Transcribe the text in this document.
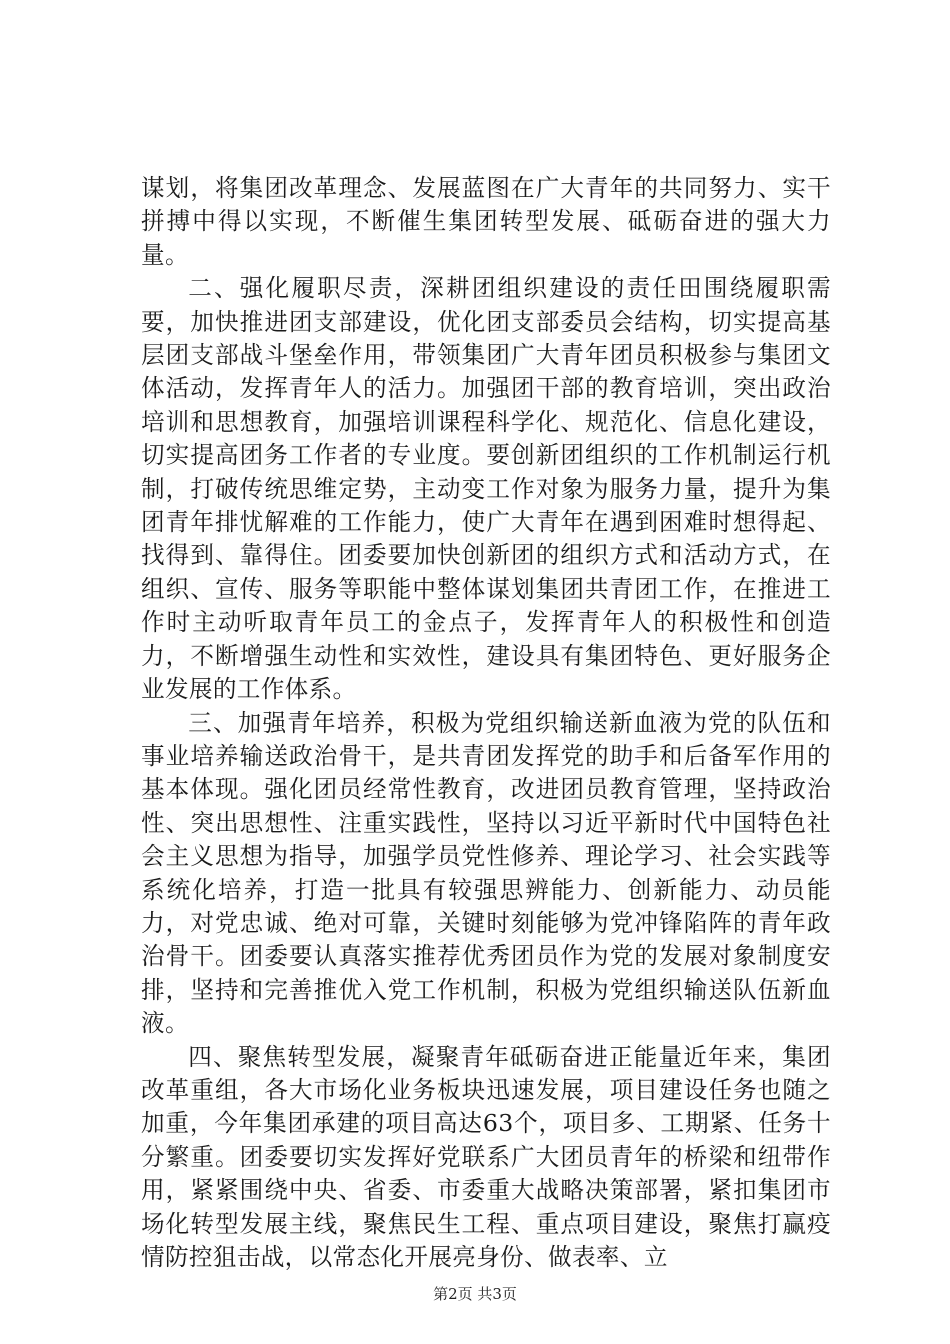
谋划，将集团改革理念、发展蓝图在广大青年的共同努力、实干拼搏中得以实现，不断催生集团转型发展、砥砺奋进的强大力量。

二、强化履职尽责，深耕团组织建设的责任田围绕履职需要，加快推进团支部建设，优化团支部委员会结构，切实提高基层团支部战斗堡垒作用，带领集团广大青年团员积极参与集团文体活动，发挥青年人的活力。加强团干部的教育培训，突出政治培训和思想教育，加强培训课程科学化、规范化、信息化建设，切实提高团务工作者的专业度。要创新团组织的工作机制运行机制，打破传统思维定势，主动变工作对象为服务力量，提升为集团青年排忧解难的工作能力，使广大青年在遇到困难时想得起、找得到、靠得住。团委要加快创新团的组织方式和活动方式，在组织、宣传、服务等职能中整体谋划集团共青团工作，在推进工作时主动听取青年员工的金点子，发挥青年人的积极性和创造力，不断增强生动性和实效性，建设具有集团特色、更好服务企业发展的工作体系。

三、加强青年培养，积极为党组织输送新血液为党的队伍和事业培养输送政治骨干，是共青团发挥党的助手和后备军作用的基本体现。强化团员经常性教育，改进团员教育管理，坚持政治性、突出思想性、注重实践性，坚持以习近平新时代中国特色社会主义思想为指导，加强学员党性修养、理论学习、社会实践等系统化培养，打造一批具有较强思辨能力、创新能力、动员能力，对党忠诚、绝对可靠，关键时刻能够为党冲锋陷阵的青年政治骨干。团委要认真落实推荐优秀团员作为党的发展对象制度安排，坚持和完善推优入党工作机制，积极为党组织输送队伍新血液。

四、聚焦转型发展，凝聚青年砥砺奋进正能量近年来，集团改革重组，各大市场化业务板块迅速发展，项目建设任务也随之加重，今年集团承建的项目高达63个，项目多、工期紧、任务十分繁重。团委要切实发挥好党联系广大团员青年的桥梁和纽带作用，紧紧围绕中央、省委、市委重大战略决策部署，紧扣集团市场化转型发展主线，聚焦民生工程、重点项目建设，聚焦打赢疫情防控狙击战，以常态化开展亮身份、做表率、立

第2页 共3页
